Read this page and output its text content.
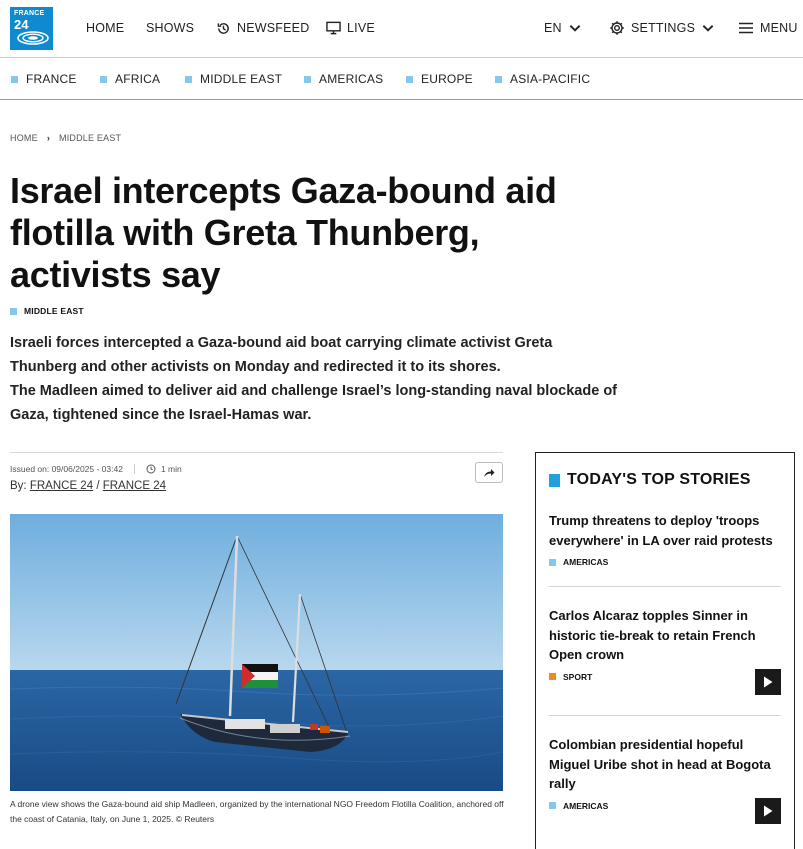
FRANCE
24	HOME SHOWS	NEWSFEED	LIVE	EN	SETTINGS	MENU
FRANCE	AFRICA	MIDDLE EAST	AMERICAS	EUROPE	ASIA-PACIFIC
HOME › MIDDLE EAST
Israel intercepts Gaza-bound aid flotilla with Greta Thunberg, activists say
MIDDLE EAST

Israeli forces intercepted a Gaza-bound aid boat carrying climate activist Greta Thunberg and other activists on Monday and redirected it to its shores.

The Madleen aimed to deliver aid and challenge Israel’s long-standing naval blockade of Gaza, tightened since the Israel-Hamas war.

Issued on: 09/06/2025 - 03:42	1 min
By: FRANCE 24 / FRANCE 24

A drone view shows the Gaza-bound aid ship Madleen, organized by the international NGO Freedom Flotilla Coalition, anchored off the coast of Catania, Italy, on June 1, 2025. © Reuters

TODAY'S TOP STORIES
Trump threatens to deploy 'troops everywhere' in LA over raid protests
AMERICAS
Carlos Alcaraz topples Sinner in historic tie-break to retain French Open crown
SPORT
Colombian presidential hopeful Miguel Uribe shot in head at Bogota rally
AMERICAS
